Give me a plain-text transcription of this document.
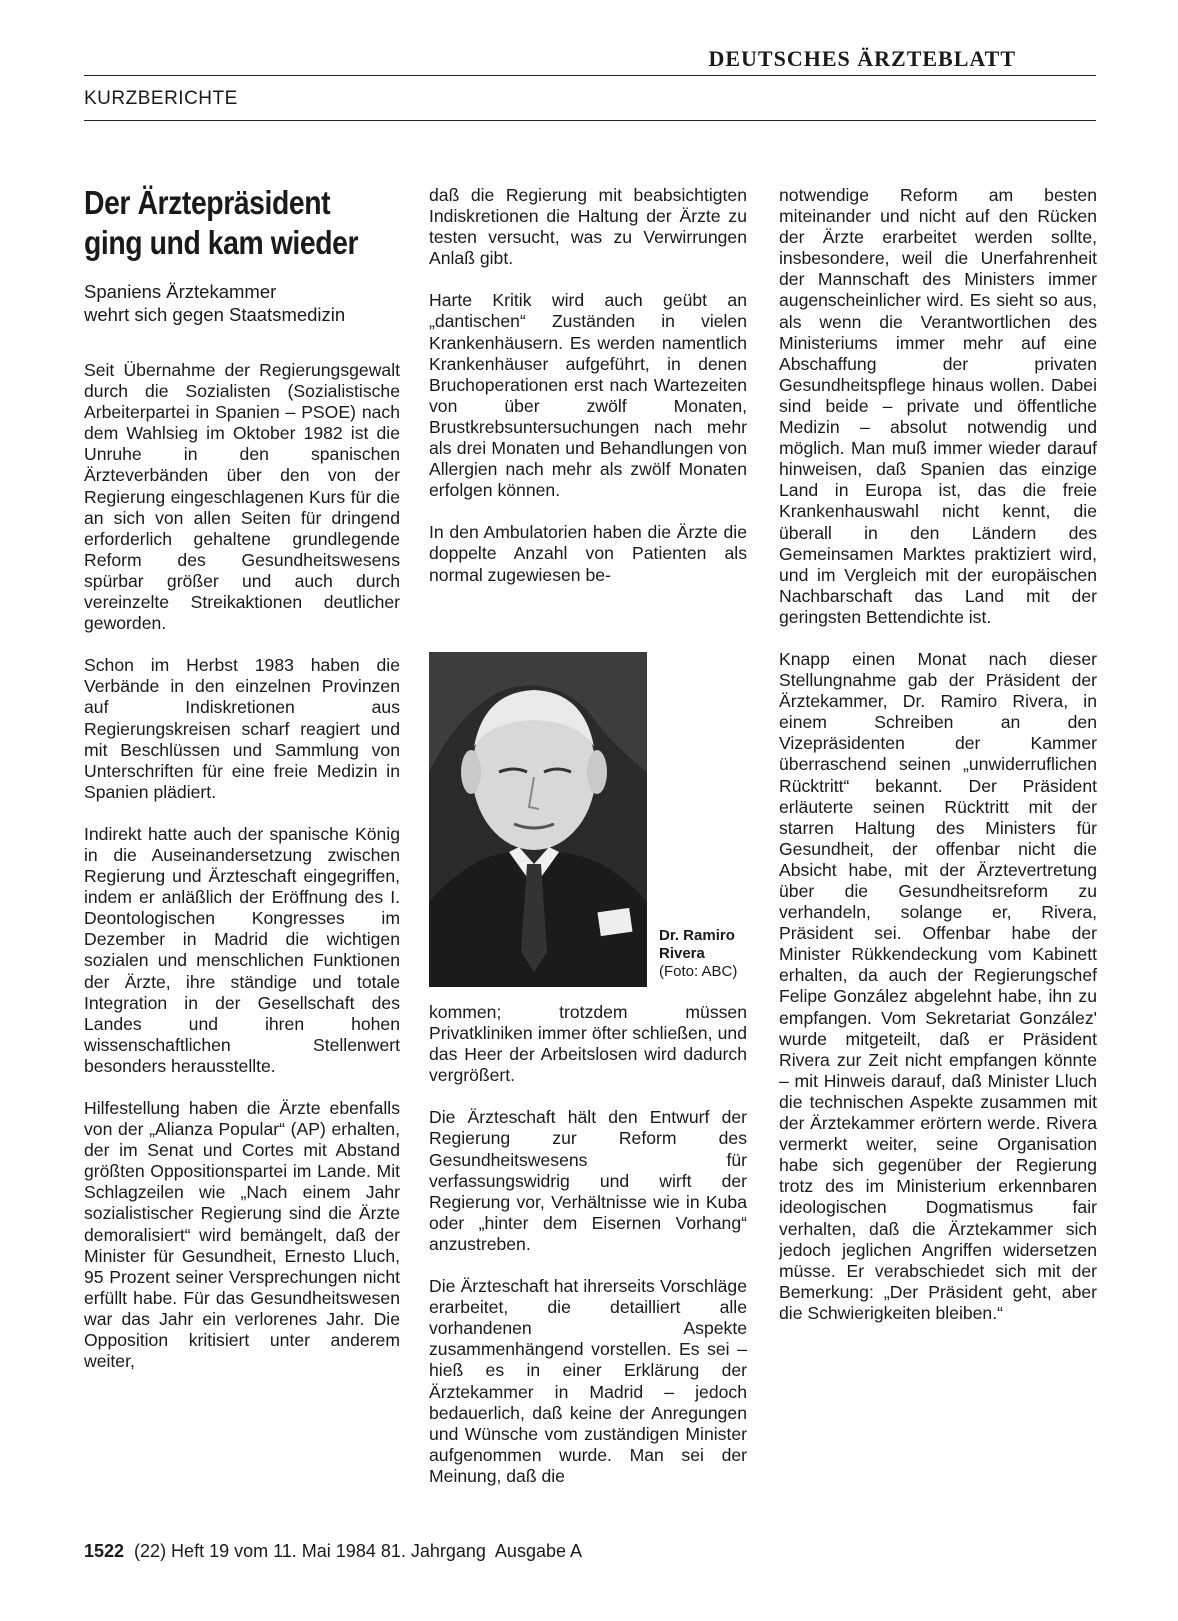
DEUTSCHES ÄRZTEBLATT
KURZBERICHTE
Der Ärztepräsident
ging und kam wieder
Spaniens Ärztekammer
wehrt sich gegen Staatsmedizin

Seit Übernahme der Regierungsgewalt durch die Sozialisten (Sozialistische Arbeiterpartei in Spanien – PSOE) nach dem Wahlsieg im Oktober 1982 ist die Unruhe in den spanischen Ärzteverbänden über den von der Regierung eingeschlagenen Kurs für die an sich von allen Seiten für dringend erforderlich gehaltene grundlegende Reform des Gesundheitswesens spürbar größer und auch durch vereinzelte Streikaktionen deutlicher geworden.

Schon im Herbst 1983 haben die Verbände in den einzelnen Provinzen auf Indiskretionen aus Regierungskreisen scharf reagiert und mit Beschlüssen und Sammlung von Unterschriften für eine freie Medizin in Spanien plädiert.

Indirekt hatte auch der spanische König in die Auseinandersetzung zwischen Regierung und Ärzteschaft eingegriffen, indem er anläßlich der Eröffnung des I. Deontologischen Kongresses im Dezember in Madrid die wichtigen sozialen und menschlichen Funktionen der Ärzte, ihre ständige und totale Integration in der Gesellschaft des Landes und ihren hohen wissenschaftlichen Stellenwert besonders herausstellte.

Hilfestellung haben die Ärzte ebenfalls von der „Alianza Popular“ (AP) erhalten, der im Senat und Cortes mit Abstand größten Oppositionspartei im Lande. Mit Schlagzeilen wie „Nach einem Jahr sozialistischer Regierung sind die Ärzte demoralisiert“ wird bemängelt, daß der Minister für Gesundheit, Ernesto Lluch, 95 Prozent seiner Versprechungen nicht erfüllt habe. Für das Gesundheitswesen war das Jahr ein verlorenes Jahr. Die Opposition kritisiert unter anderem weiter,

daß die Regierung mit beabsichtigten Indiskretionen die Haltung der Ärzte zu testen versucht, was zu Verwirrungen Anlaß gibt.

Harte Kritik wird auch geübt an „dantischen“ Zuständen in vielen Krankenhäusern. Es werden namentlich Krankenhäuser aufgeführt, in denen Bruchoperationen erst nach Wartezeiten von über zwölf Monaten, Brustkrebsuntersuchungen nach mehr als drei Monaten und Behandlungen von Allergien nach mehr als zwölf Monaten erfolgen können.

In den Ambulatorien haben die Ärzte die doppelte Anzahl von Patienten als normal zugewiesen be-

Dr. Ramiro
Rivera
(Foto: ABC)

kommen; trotzdem müssen Privatkliniken immer öfter schließen, und das Heer der Arbeitslosen wird dadurch vergrößert.

Die Ärzteschaft hält den Entwurf der Regierung zur Reform des Gesundheitswesens für verfassungswidrig und wirft der Regierung vor, Verhältnisse wie in Kuba oder „hinter dem Eisernen Vorhang“ anzustreben.

Die Ärzteschaft hat ihrerseits Vorschläge erarbeitet, die detailliert alle vorhandenen Aspekte zusammenhängend vorstellen. Es sei – hieß es in einer Erklärung der Ärztekammer in Madrid – jedoch bedauerlich, daß keine der Anregungen und Wünsche vom zuständigen Minister aufgenommen wurde. Man sei der Meinung, daß die

notwendige Reform am besten miteinander und nicht auf den Rücken der Ärzte erarbeitet werden sollte, insbesondere, weil die Unerfahrenheit der Mannschaft des Ministers immer augenscheinlicher wird. Es sieht so aus, als wenn die Verantwortlichen des Ministeriums immer mehr auf eine Abschaffung der privaten Gesundheitspflege hinaus wollen. Dabei sind beide – private und öffentliche Medizin – absolut notwendig und möglich. Man muß immer wieder darauf hinweisen, daß Spanien das einzige Land in Europa ist, das die freie Krankenhauswahl nicht kennt, die überall in den Ländern des Gemeinsamen Marktes praktiziert wird, und im Vergleich mit der europäischen Nachbarschaft das Land mit der geringsten Bettendichte ist.

Knapp einen Monat nach dieser Stellungnahme gab der Präsident der Ärztekammer, Dr. Ramiro Rivera, in einem Schreiben an den Vizepräsidenten der Kammer überraschend seinen „unwiderruflichen Rücktritt“ bekannt. Der Präsident erläuterte seinen Rücktritt mit der starren Haltung des Ministers für Gesundheit, der offenbar nicht die Absicht habe, mit der Ärztevertretung über die Gesundheitsreform zu verhandeln, solange er, Rivera, Präsident sei. Offenbar habe der Minister Rükkendeckung vom Kabinett erhalten, da auch der Regierungschef Felipe González abgelehnt habe, ihn zu empfangen. Vom Sekretariat González' wurde mitgeteilt, daß er Präsident Rivera zur Zeit nicht empfangen könnte – mit Hinweis darauf, daß Minister Lluch die technischen Aspekte zusammen mit der Ärztekammer erörtern werde. Rivera vermerkt weiter, seine Organisation habe sich gegenüber der Regierung trotz des im Ministerium erkennbaren ideologischen Dogmatismus fair verhalten, daß die Ärztekammer sich jedoch jeglichen Angriffen widersetzen müsse. Er verabschiedet sich mit der Bemerkung: „Der Präsident geht, aber die Schwierigkeiten bleiben.“

1522  (22) Heft 19 vom 11. Mai 1984 81. Jahrgang  Ausgabe A
